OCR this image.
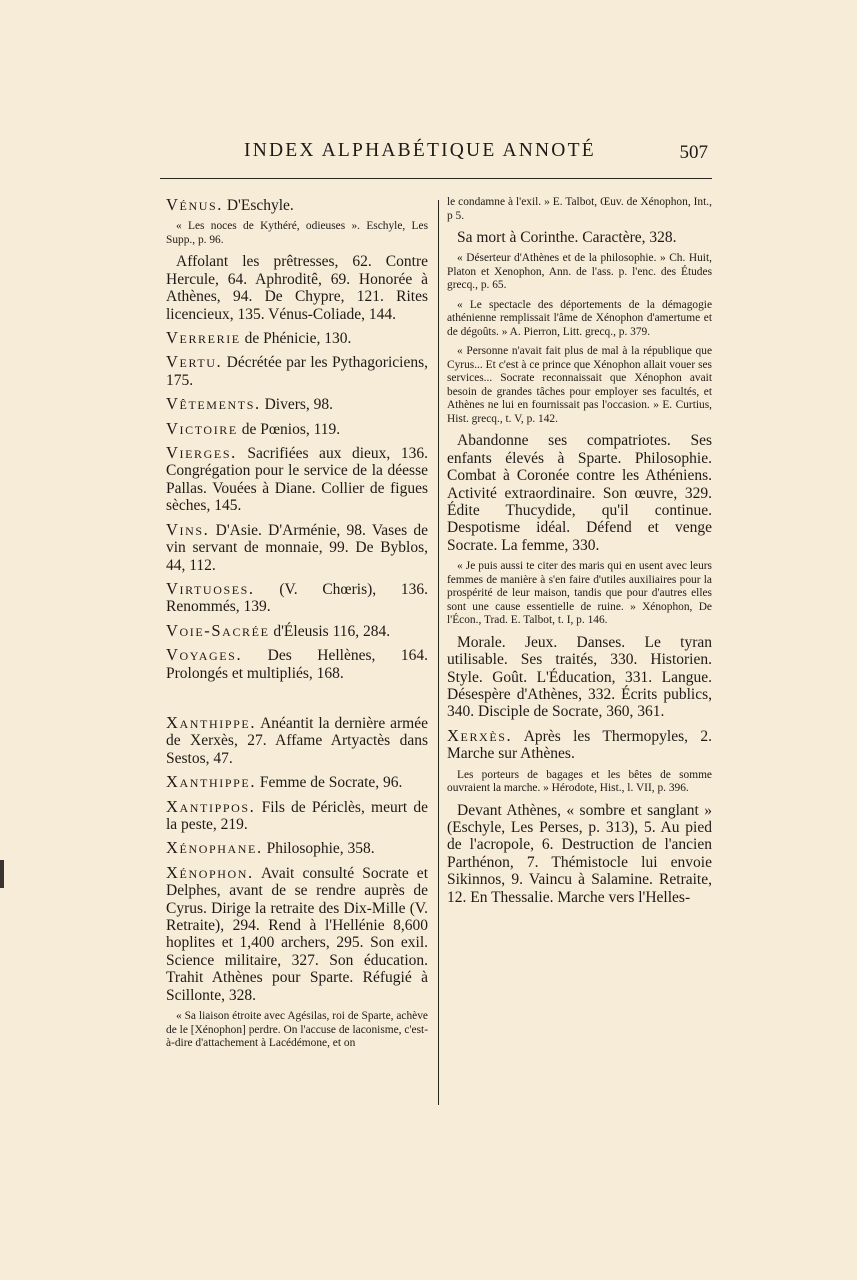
INDEX ALPHABÉTIQUE ANNOTÉ	507

Vénus. D'Eschyle.

« Les noces de Kythéré, odieuses ». Eschyle, Les Supp., p. 96.

Affolant les prêtresses, 62. Contre Hercule, 64. Aphroditê, 69. Honorée à Athènes, 94. De Chypre, 121. Rites licencieux, 135. Vénus-Coliade, 144.

Verrerie de Phénicie, 130.

Vertu. Décrétée par les Pythagoriciens, 175.

Vêtements. Divers, 98.

Victoire de Pœnios, 119.

Vierges. Sacrifiées aux dieux, 136. Congrégation pour le service de la déesse Pallas. Vouées à Diane. Collier de figues sèches, 145.

Vins. D'Asie. D'Arménie, 98. Vases de vin servant de monnaie, 99. De Byblos, 44, 112.

Virtuoses. (V. Chœris), 136. Renommés, 139.

Voie-Sacrée d'Éleusis 116, 284.

Voyages. Des Hellènes, 164. Prolongés et multipliés, 168.

Xanthippe. Anéantit la dernière armée de Xerxès, 27. Affame Artyactès dans Sestos, 47.

Xanthippe. Femme de Socrate, 96.

Xantippos. Fils de Périclès, meurt de la peste, 219.

Xénophane. Philosophie, 358.

Xénophon. Avait consulté Socrate et Delphes, avant de se rendre auprès de Cyrus. Dirige la retraite des Dix-Mille (V. Retraite), 294. Rend à l'Hellénie 8,600 hoplites et 1,400 archers, 295. Son exil. Science militaire, 327. Son éducation. Trahit Athènes pour Sparte. Réfugié à Scillonte, 328.

« Sa liaison étroite avec Agésilas, roi de Sparte, achève de le [Xénophon] perdre. On l'accuse de laconisme, c'est-à-dire d'attachement à Lacédémone, et on

le condamne à l'exil. » E. Talbot, Œuv. de Xénophon, Int., p 5.

Sa mort à Corinthe. Caractère, 328.

« Déserteur d'Athènes et de la philosophie. » Ch. Huit, Platon et Xenophon, Ann. de l'ass. p. l'enc. des Études grecq., p. 65.

« Le spectacle des déportements de la démagogie athénienne remplissait l'âme de Xénophon d'amertume et de dégoûts. » A. Pierron, Litt. grecq., p. 379.

« Personne n'avait fait plus de mal à la république que Cyrus... Et c'est à ce prince que Xénophon allait vouer ses services... Socrate reconnaissait que Xénophon avait besoin de grandes tâches pour employer ses facultés, et Athènes ne lui en fournissait pas l'occasion. » E. Curtius, Hist. grecq., t. V, p. 142.

Abandonne ses compatriotes. Ses enfants élevés à Sparte. Philosophie. Combat à Coronée contre les Athéniens. Activité extraordinaire. Son œuvre, 329. Édite Thucydide, qu'il continue. Despotisme idéal. Défend et venge Socrate. La femme, 330.

« Je puis aussi te citer des maris qui en usent avec leurs femmes de manière à s'en faire d'utiles auxiliaires pour la prospérité de leur maison, tandis que pour d'autres elles sont une cause essentielle de ruine. » Xénophon, De l'Écon., Trad. E. Talbot, t. I, p. 146.

Morale. Jeux. Danses. Le tyran utilisable. Ses traités, 330. Historien. Style. Goût. L'Éducation, 331. Langue. Désespère d'Athènes, 332. Écrits publics, 340. Disciple de Socrate, 360, 361.

Xerxès. Après les Thermopyles, 2. Marche sur Athènes.

Les porteurs de bagages et les bêtes de somme ouvraient la marche. » Hérodote, Hist., l. VII, p. 396.

Devant Athènes, « sombre et sanglant » (Eschyle, Les Perses, p. 313), 5. Au pied de l'acropole, 6. Destruction de l'ancien Parthénon, 7. Thémistocle lui envoie Sikinnos, 9. Vaincu à Salamine. Retraite, 12. En Thessalie. Marche vers l'Helles-
